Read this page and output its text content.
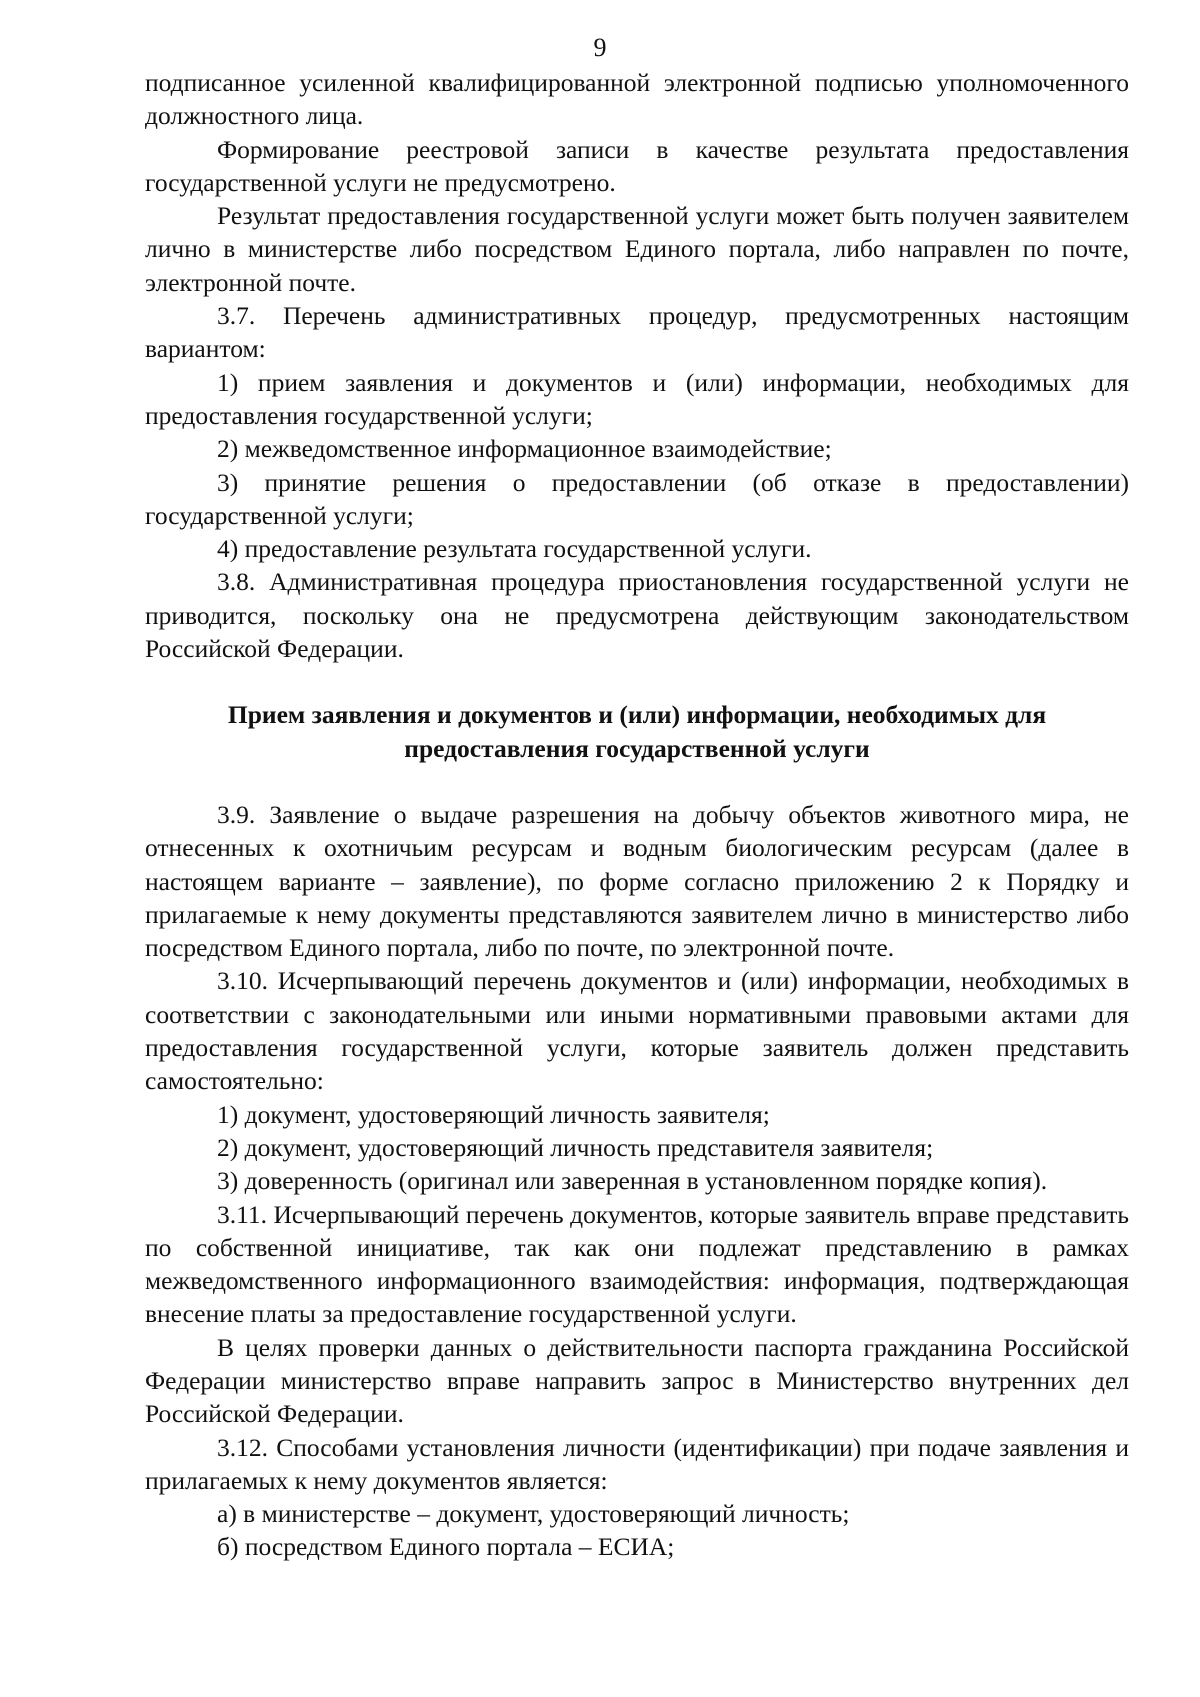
9

подписанное усиленной квалифицированной электронной подписью уполномоченного должностного лица.

Формирование реестровой записи в качестве результата предоставления государственной услуги не предусмотрено.

Результат предоставления государственной услуги может быть получен заявителем лично в министерстве либо посредством Единого портала, либо направлен по почте, электронной почте.

3.7. Перечень административных процедур, предусмотренных настоящим вариантом:

1) прием заявления и документов и (или) информации, необходимых для предоставления государственной услуги;

2) межведомственное информационное взаимодействие;

3) принятие решения о предоставлении (об отказе в предоставлении) государственной услуги;

4) предоставление результата государственной услуги.

3.8. Административная процедура приостановления государственной услуги не приводится, поскольку она не предусмотрена действующим законодательством Российской Федерации.

Прием заявления и документов и (или) информации, необходимых для
предоставления государственной услуги

3.9. Заявление о выдаче разрешения на добычу объектов животного мира, не отнесенных к охотничьим ресурсам и водным биологическим ресурсам (далее в настоящем варианте – заявление), по форме согласно приложению 2 к Порядку и прилагаемые к нему документы представляются заявителем лично в министерство либо посредством Единого портала, либо по почте, по электронной почте.

3.10. Исчерпывающий перечень документов и (или) информации, необходимых в соответствии с законодательными или иными нормативными правовыми актами для предоставления государственной услуги, которые заявитель должен представить самостоятельно:

1) документ, удостоверяющий личность заявителя;

2) документ, удостоверяющий личность представителя заявителя;

3) доверенность (оригинал или заверенная в установленном порядке копия).

3.11. Исчерпывающий перечень документов, которые заявитель вправе представить по собственной инициативе, так как они подлежат представлению в рамках межведомственного информационного взаимодействия: информация, подтверждающая внесение платы за предоставление государственной услуги.

В целях проверки данных о действительности паспорта гражданина Российской Федерации министерство вправе направить запрос в Министерство внутренних дел Российской Федерации.

3.12. Способами установления личности (идентификации) при подаче заявления и прилагаемых к нему документов является:

а) в министерстве – документ, удостоверяющий личность;

б) посредством Единого портала – ЕСИА;
